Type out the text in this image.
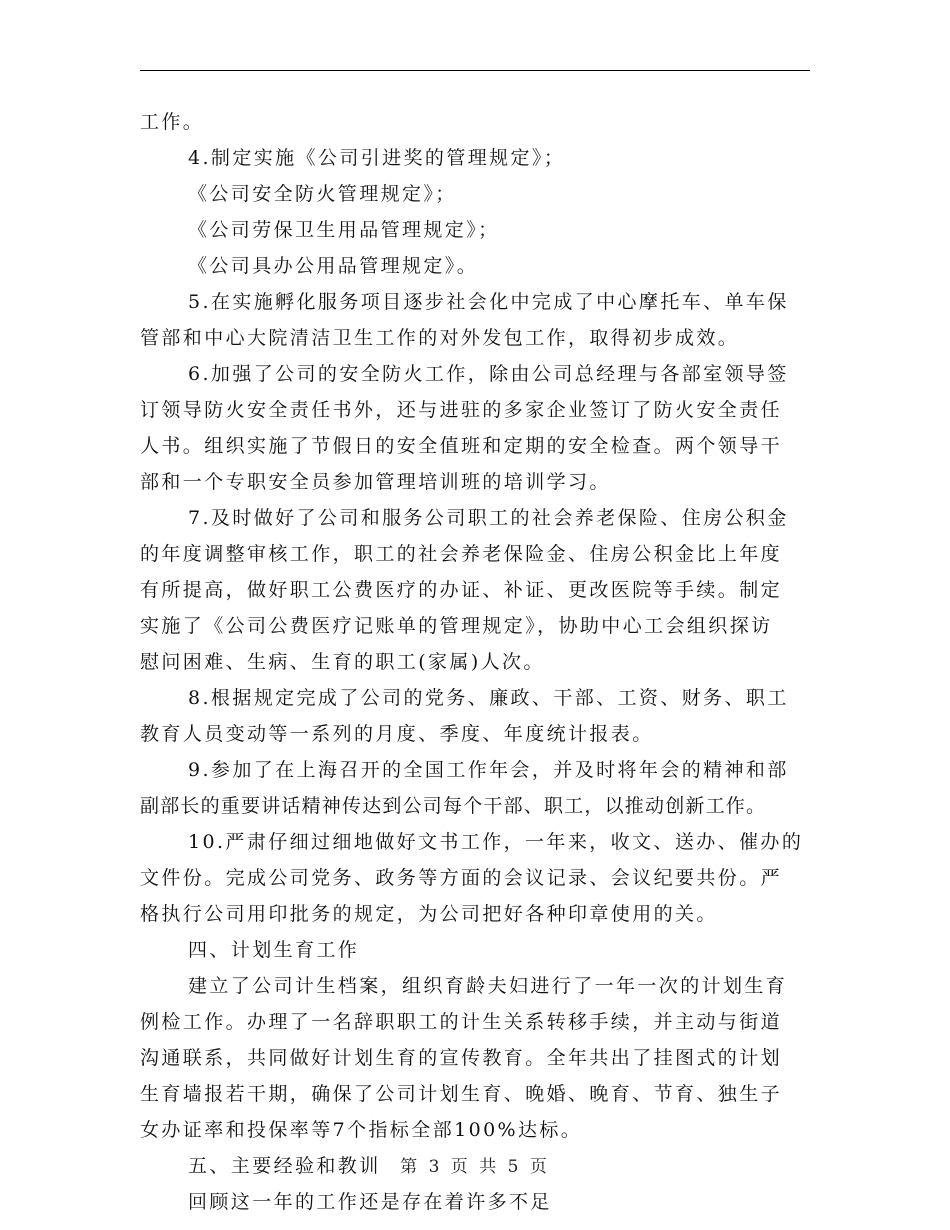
工作。
4.制定实施《公司引进奖的管理规定》；
《公司安全防火管理规定》；
《公司劳保卫生用品管理规定》；
《公司具办公用品管理规定》。
5.在实施孵化服务项目逐步社会化中完成了中心摩托车、单车保
管部和中心大院清洁卫生工作的对外发包工作，取得初步成效。
6.加强了公司的安全防火工作，除由公司总经理与各部室领导签
订领导防火安全责任书外，还与进驻的多家企业签订了防火安全责任
人书。组织实施了节假日的安全值班和定期的安全检查。两个领导干
部和一个专职安全员参加管理培训班的培训学习。
7.及时做好了公司和服务公司职工的社会养老保险、住房公积金
的年度调整审核工作，职工的社会养老保险金、住房公积金比上年度
有所提高，做好职工公费医疗的办证、补证、更改医院等手续。制定
实施了《公司公费医疗记账单的管理规定》，协助中心工会组织探访
慰问困难、生病、生育的职工(家属)人次。
8.根据规定完成了公司的党务、廉政、干部、工资、财务、职工
教育人员变动等一系列的月度、季度、年度统计报表。
9.参加了在上海召开的全国工作年会，并及时将年会的精神和部
副部长的重要讲话精神传达到公司每个干部、职工，以推动创新工作。
10.严肃仔细过细地做好文书工作，一年来，收文、送办、催办的
文件份。完成公司党务、政务等方面的会议记录、会议纪要共份。严
格执行公司用印批务的规定，为公司把好各种印章使用的关。
四、计划生育工作
建立了公司计生档案，组织育龄夫妇进行了一年一次的计划生育
例检工作。办理了一名辞职职工的计生关系转移手续，并主动与街道
沟通联系，共同做好计划生育的宣传教育。全年共出了挂图式的计划
生育墙报若干期，确保了公司计划生育、晚婚、晚育、节育、独生子
女办证率和投保率等7个指标全部100%达标。
五、主要经验和教训
回顾这一年的工作还是存在着许多不足
第 3 页 共 5 页
